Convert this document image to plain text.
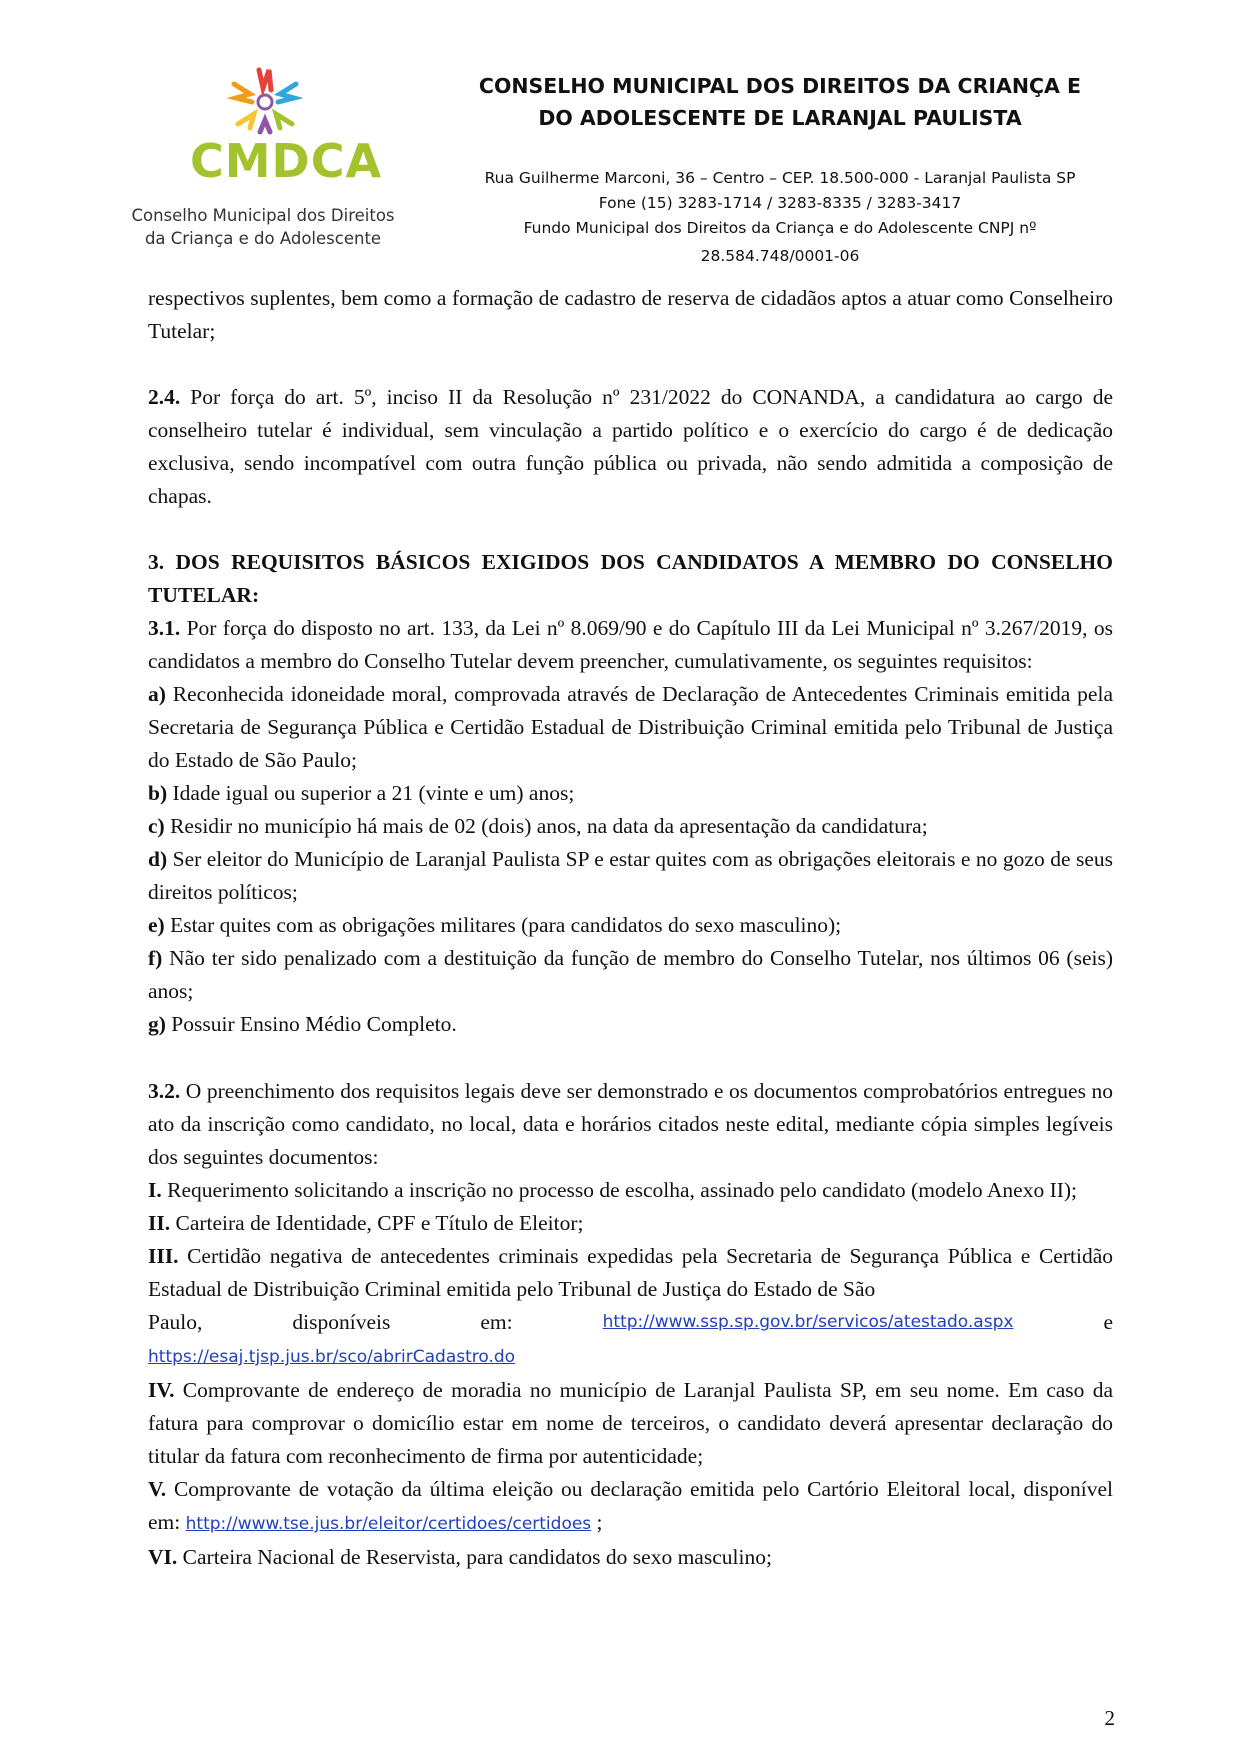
CMDCA
Conselho Municipal dos Direitos
da Criança e do Adolescente
CONSELHO MUNICIPAL DOS DIREITOS DA CRIANÇA E
DO ADOLESCENTE DE LARANJAL PAULISTA
Rua Guilherme Marconi, 36 – Centro – CEP. 18.500-000 - Laranjal Paulista SP
Fone (15) 3283-1714 / 3283-8335 / 3283-3417
Fundo Municipal dos Direitos da Criança e do Adolescente CNPJ nº
28.584.748/0001-06

respectivos suplentes, bem como a formação de cadastro de reserva de cidadãos aptos a atuar como Conselheiro Tutelar;

2.4. Por força do art. 5º, inciso II da Resolução nº 231/2022 do CONANDA, a candidatura ao cargo de conselheiro tutelar é individual, sem vinculação a partido político e o exercício do cargo é de dedicação exclusiva, sendo incompatível com outra função pública ou privada, não sendo admitida a composição de chapas.

3. DOS REQUISITOS BÁSICOS EXIGIDOS DOS CANDIDATOS A MEMBRO DO CONSELHO TUTELAR:

3.1. Por força do disposto no art. 133, da Lei nº 8.069/90 e do Capítulo III da Lei Municipal nº 3.267/2019, os candidatos a membro do Conselho Tutelar devem preencher, cumulativamente, os seguintes requisitos:

a) Reconhecida idoneidade moral, comprovada através de Declaração de Antecedentes Criminais emitida pela Secretaria de Segurança Pública e Certidão Estadual de Distribuição Criminal emitida pelo Tribunal de Justiça do Estado de São Paulo;

b) Idade igual ou superior a 21 (vinte e um) anos;

c) Residir no município há mais de 02 (dois) anos, na data da apresentação da candidatura;

d) Ser eleitor do Município de Laranjal Paulista SP e estar quites com as obrigações eleitorais e no gozo de seus direitos políticos;

e) Estar quites com as obrigações militares (para candidatos do sexo masculino);

f) Não ter sido penalizado com a destituição da função de membro do Conselho Tutelar, nos últimos 06 (seis) anos;

g) Possuir Ensino Médio Completo.

3.2. O preenchimento dos requisitos legais deve ser demonstrado e os documentos comprobatórios entregues no ato da inscrição como candidato, no local, data e horários citados neste edital, mediante cópia simples legíveis dos seguintes documentos:

I. Requerimento solicitando a inscrição no processo de escolha, assinado pelo candidato (modelo Anexo II);

II. Carteira de Identidade, CPF e Título de Eleitor;

III. Certidão negativa de antecedentes criminais expedidas pela Secretaria de Segurança Pública e Certidão Estadual de Distribuição Criminal emitida pelo Tribunal de Justiça do Estado de São

Paulo,	disponíveis	em:	http://www.ssp.sp.gov.br/servicos/atestado.aspx	e

https://esaj.tjsp.jus.br/sco/abrirCadastro.do

IV. Comprovante de endereço de moradia no município de Laranjal Paulista SP, em seu nome. Em caso da fatura para comprovar o domicílio estar em nome de terceiros, o candidato deverá apresentar declaração do titular da fatura com reconhecimento de firma por autenticidade;

V. Comprovante de votação da última eleição ou declaração emitida pelo Cartório Eleitoral local, disponível em: http://www.tse.jus.br/eleitor/certidoes/certidoes ;

VI. Carteira Nacional de Reservista, para candidatos do sexo masculino;

2
